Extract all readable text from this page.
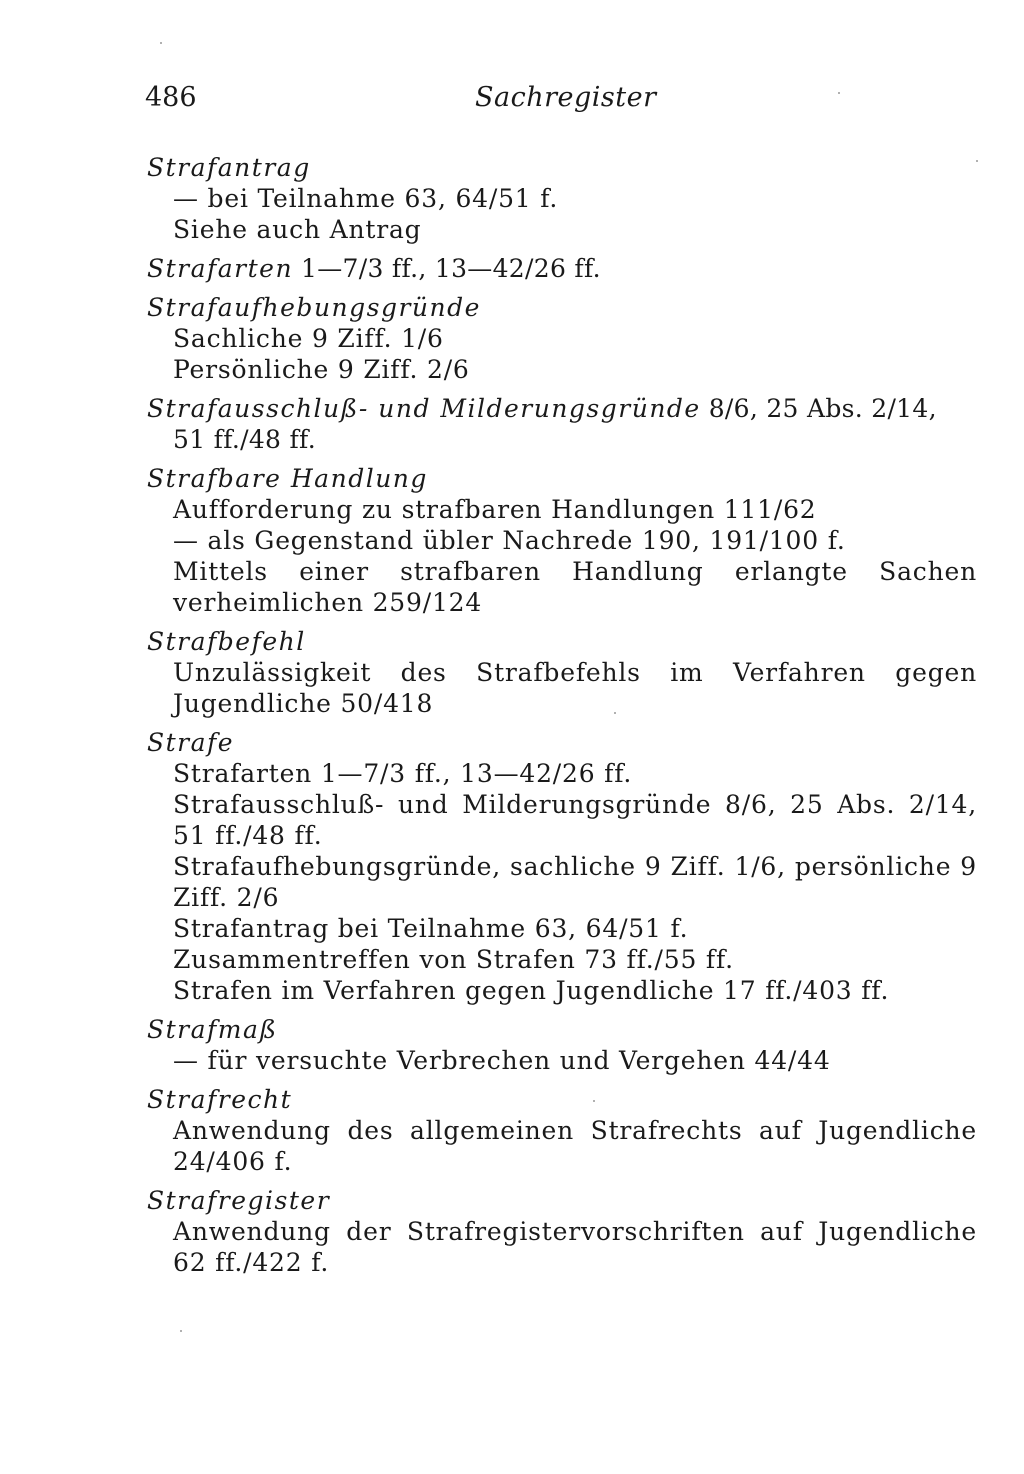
486	Sachregister
Strafantrag
— bei Teilnahme 63, 64/51 f.
Siehe auch Antrag
Strafarten 1—7/3 ff., 13—42/26 ff.
Strafaufhebungsgründe
Sachliche 9 Ziff. 1/6
Persönliche 9 Ziff. 2/6
Strafausschluß- und Milderungsgründe 8/6, 25 Abs. 2/14,
51 ff./48 ff.
Strafbare Handlung
Aufforderung zu strafbaren Handlungen 111/62
— als Gegenstand übler Nachrede 190, 191/100 f.
Mittels einer strafbaren Handlung erlangte Sachen verheimlichen 259/124
Strafbefehl
Unzulässigkeit des Strafbefehls im Verfahren gegen Jugendliche 50/418
Strafe
Strafarten 1—7/3 ff., 13—42/26 ff.
Strafausschluß- und Milderungsgründe 8/6, 25 Abs. 2/14, 51 ff./48 ff.
Strafaufhebungsgründe, sachliche 9 Ziff. 1/6, persönliche 9 Ziff. 2/6
Strafantrag bei Teilnahme 63, 64/51 f.
Zusammentreffen von Strafen 73 ff./55 ff.
Strafen im Verfahren gegen Jugendliche 17 ff./403 ff.
Strafmaß
— für versuchte Verbrechen und Vergehen 44/44
Strafrecht
Anwendung des allgemeinen Strafrechts auf Jugendliche 24/406 f.
Strafregister
Anwendung der Strafregistervorschriften auf Jugendliche 62 ff./422 f.
